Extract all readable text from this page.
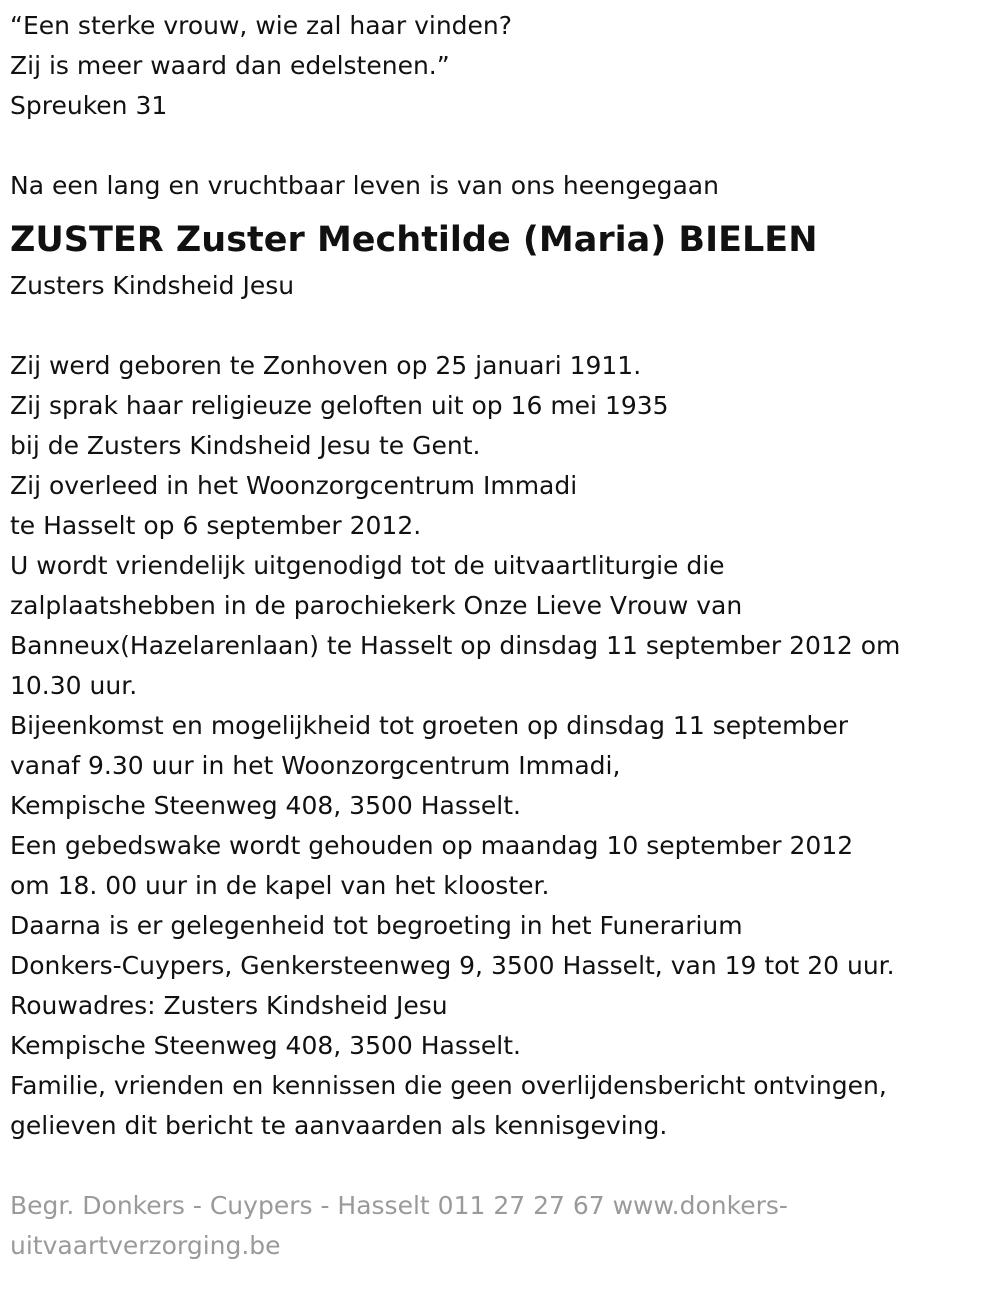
“Een sterke vrouw, wie zal haar vinden?
Zij is meer waard dan edelstenen.”
Spreuken 31
Na een lang en vruchtbaar leven is van ons heengegaan
ZUSTER Zuster Mechtilde (Maria) BIELEN
Zusters Kindsheid Jesu
Zij werd geboren te Zonhoven op 25 januari 1911.
Zij sprak haar religieuze geloften uit op 16 mei 1935
bij de Zusters Kindsheid Jesu te Gent.
Zij overleed in het Woonzorgcentrum Immadi
te Hasselt op 6 september 2012.
U wordt vriendelijk uitgenodigd tot de uitvaartliturgie die
zalplaatshebben in de parochiekerk Onze Lieve Vrouw van
Banneux(Hazelarenlaan) te Hasselt op dinsdag 11 september 2012 om
10.30 uur.
Bijeenkomst en mogelijkheid tot groeten op dinsdag 11 september
vanaf 9.30 uur in het Woonzorgcentrum Immadi,
Kempische Steenweg 408, 3500 Hasselt.
Een gebedswake wordt gehouden op maandag 10 september 2012
om 18. 00 uur in de kapel van het klooster.
Daarna is er gelegenheid tot begroeting in het Funerarium
Donkers-Cuypers, Genkersteenweg 9, 3500 Hasselt, van 19 tot 20 uur.
Rouwadres: Zusters Kindsheid Jesu
Kempische Steenweg 408, 3500 Hasselt.
Familie, vrienden en kennissen die geen overlijdensbericht ontvingen,
gelieven dit bericht te aanvaarden als kennisgeving.
Begr. Donkers - Cuypers - Hasselt 011 27 27 67 www.donkers-
uitvaartverzorging.be
